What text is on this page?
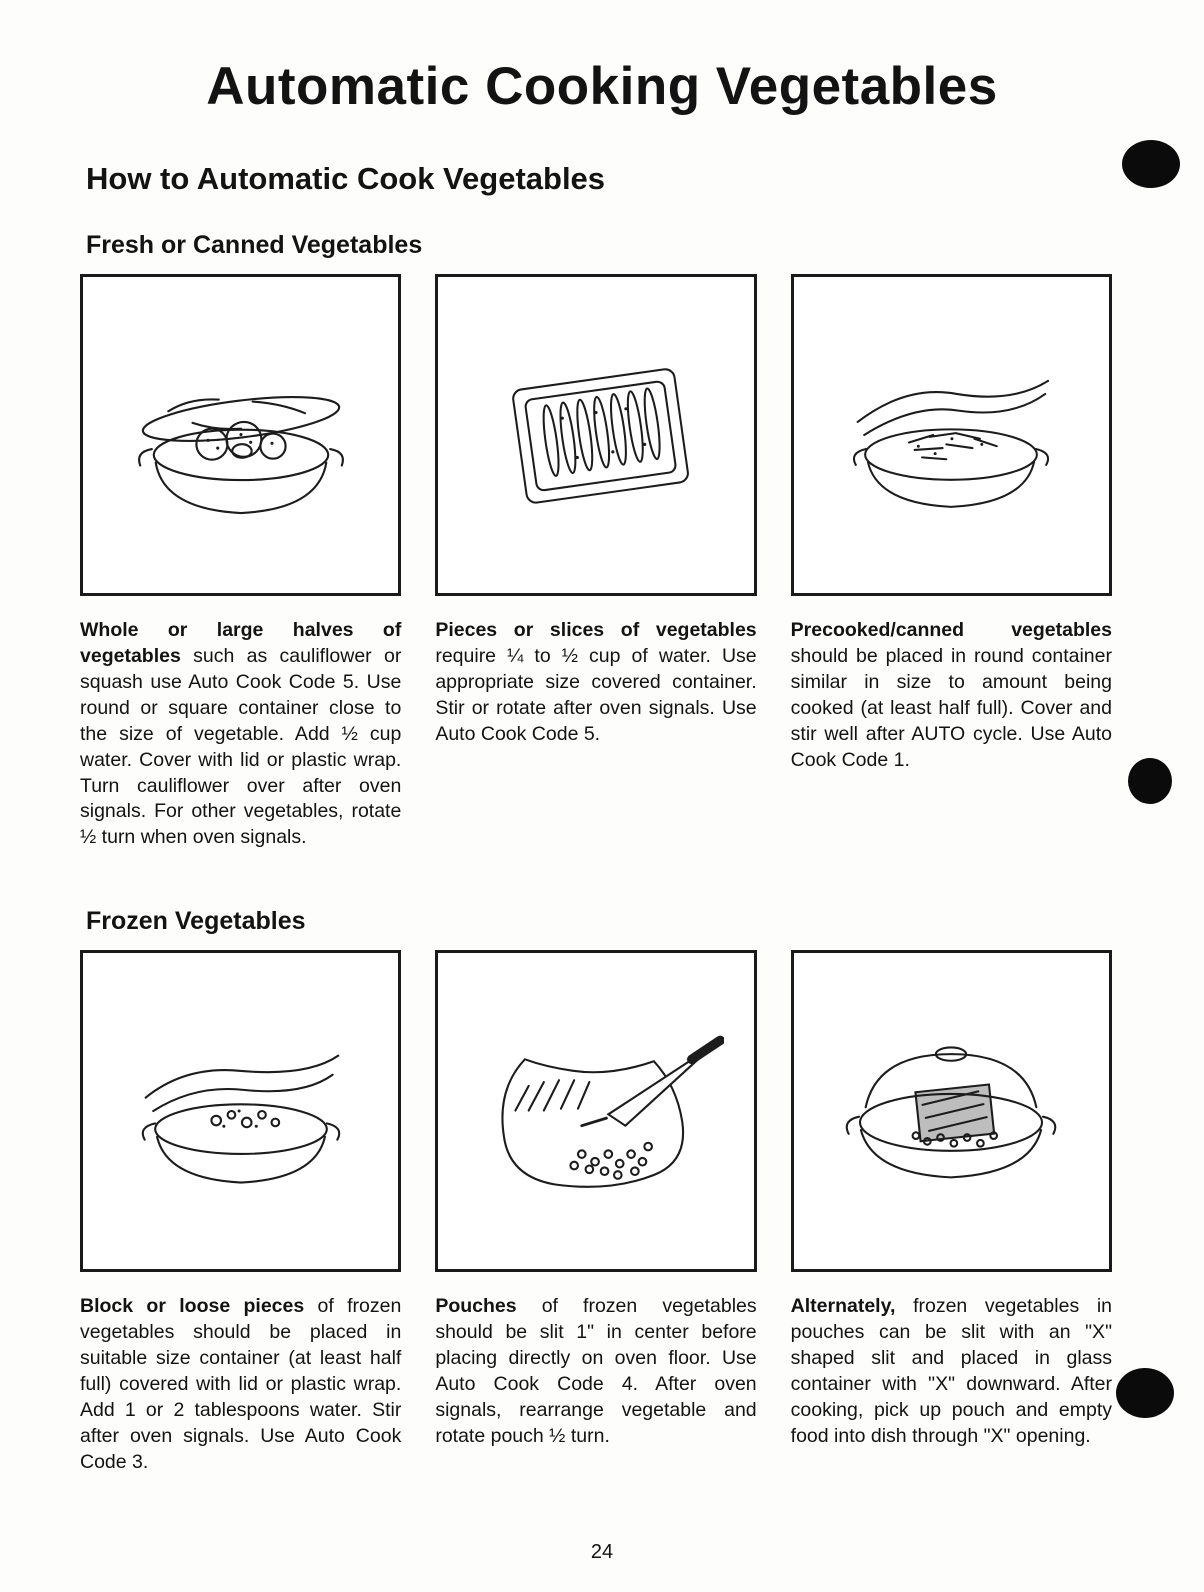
Automatic Cooking Vegetables
How to Automatic Cook Vegetables
Fresh or Canned Vegetables

Whole or large halves of vegetables such as cauliflower or squash use Auto Cook Code 5. Use round or square container close to the size of vegetable. Add ½ cup water. Cover with lid or plastic wrap. Turn cauliflower over after oven signals. For other vegetables, rotate ½ turn when oven signals.

Pieces or slices of vegetables require ¼ to ½ cup of water. Use appropriate size covered container. Stir or rotate after oven signals. Use Auto Cook Code 5.

Precooked/canned vegetables should be placed in round container similar in size to amount being cooked (at least half full). Cover and stir well after AUTO cycle. Use Auto Cook Code 1.

Frozen Vegetables

Block or loose pieces of frozen vegetables should be placed in suitable size container (at least half full) covered with lid or plastic wrap. Add 1 or 2 tablespoons water. Stir after oven signals. Use Auto Cook Code 3.

Pouches of frozen vegetables should be slit 1" in center before placing directly on oven floor. Use Auto Cook Code 4. After oven signals, rearrange vegetable and rotate pouch ½ turn.

Alternately, frozen vegetables in pouches can be slit with an "X" shaped slit and placed in glass container with "X" downward. After cooking, pick up pouch and empty food into dish through "X" opening.

24
